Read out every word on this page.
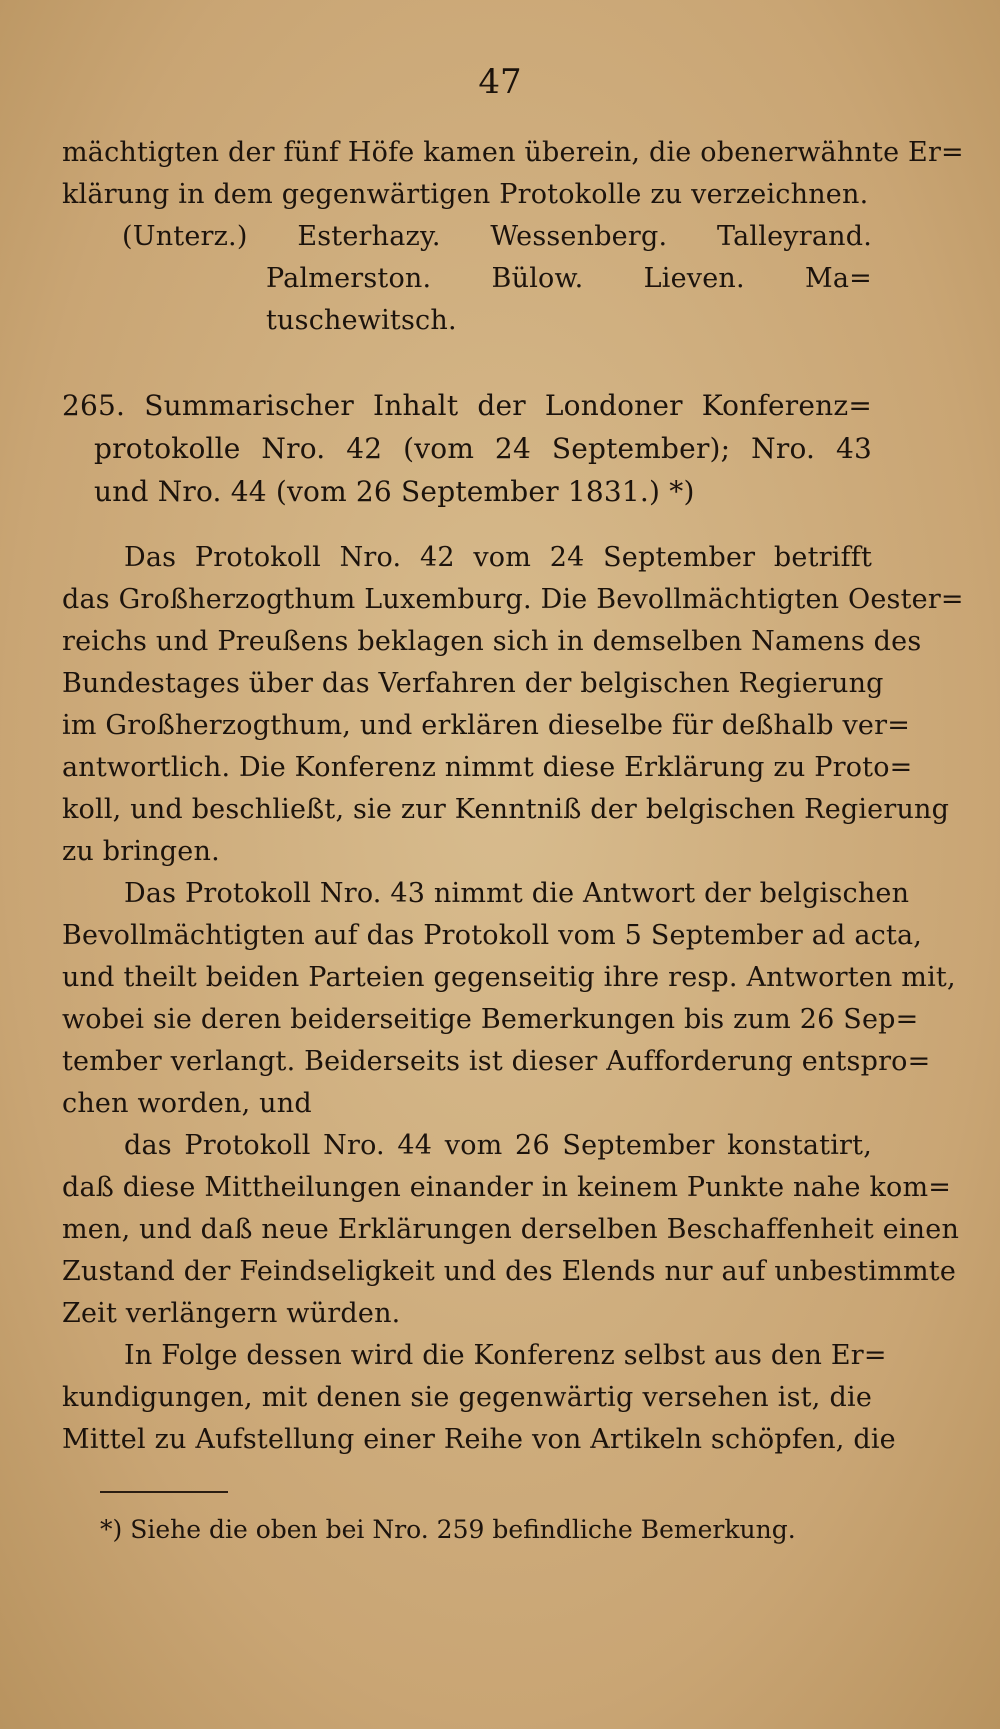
47
mächtigten der fünf Höfe kamen überein, die obenerwähnte Er=
klärung in dem gegenwärtigen Protokolle zu verzeichnen.
(Unterz.) Esterhazy. Wessenberg. Talleyrand.
Palmerston. Bülow. Lieven. Ma=
tuschewitsch.
265. Summarischer Inhalt der Londoner Konferenz=
protokolle Nro. 42 (vom 24 September); Nro. 43
und Nro. 44 (vom 26 September 1831.) *)
Das Protokoll Nro. 42 vom 24 September betrifft
das Großherzogthum Luxemburg. Die Bevollmächtigten Oester=
reichs und Preußens beklagen sich in demselben Namens des
Bundestages über das Verfahren der belgischen Regierung
im Großherzogthum, und erklären dieselbe für deßhalb ver=
antwortlich. Die Konferenz nimmt diese Erklärung zu Proto=
koll, und beschließt, sie zur Kenntniß der belgischen Regierung
zu bringen.
Das Protokoll Nro. 43 nimmt die Antwort der belgischen
Bevollmächtigten auf das Protokoll vom 5 September ad acta,
und theilt beiden Parteien gegenseitig ihre resp. Antworten mit,
wobei sie deren beiderseitige Bemerkungen bis zum 26 Sep=
tember verlangt. Beiderseits ist dieser Aufforderung entspro=
chen worden, und
das Protokoll Nro. 44 vom 26 September konstatirt,
daß diese Mittheilungen einander in keinem Punkte nahe kom=
men, und daß neue Erklärungen derselben Beschaffenheit einen
Zustand der Feindseligkeit und des Elends nur auf unbestimmte
Zeit verlängern würden.
In Folge dessen wird die Konferenz selbst aus den Er=
kundigungen, mit denen sie gegenwärtig versehen ist, die
Mittel zu Aufstellung einer Reihe von Artikeln schöpfen, die
*) Siehe die oben bei Nro. 259 befindliche Bemerkung.
